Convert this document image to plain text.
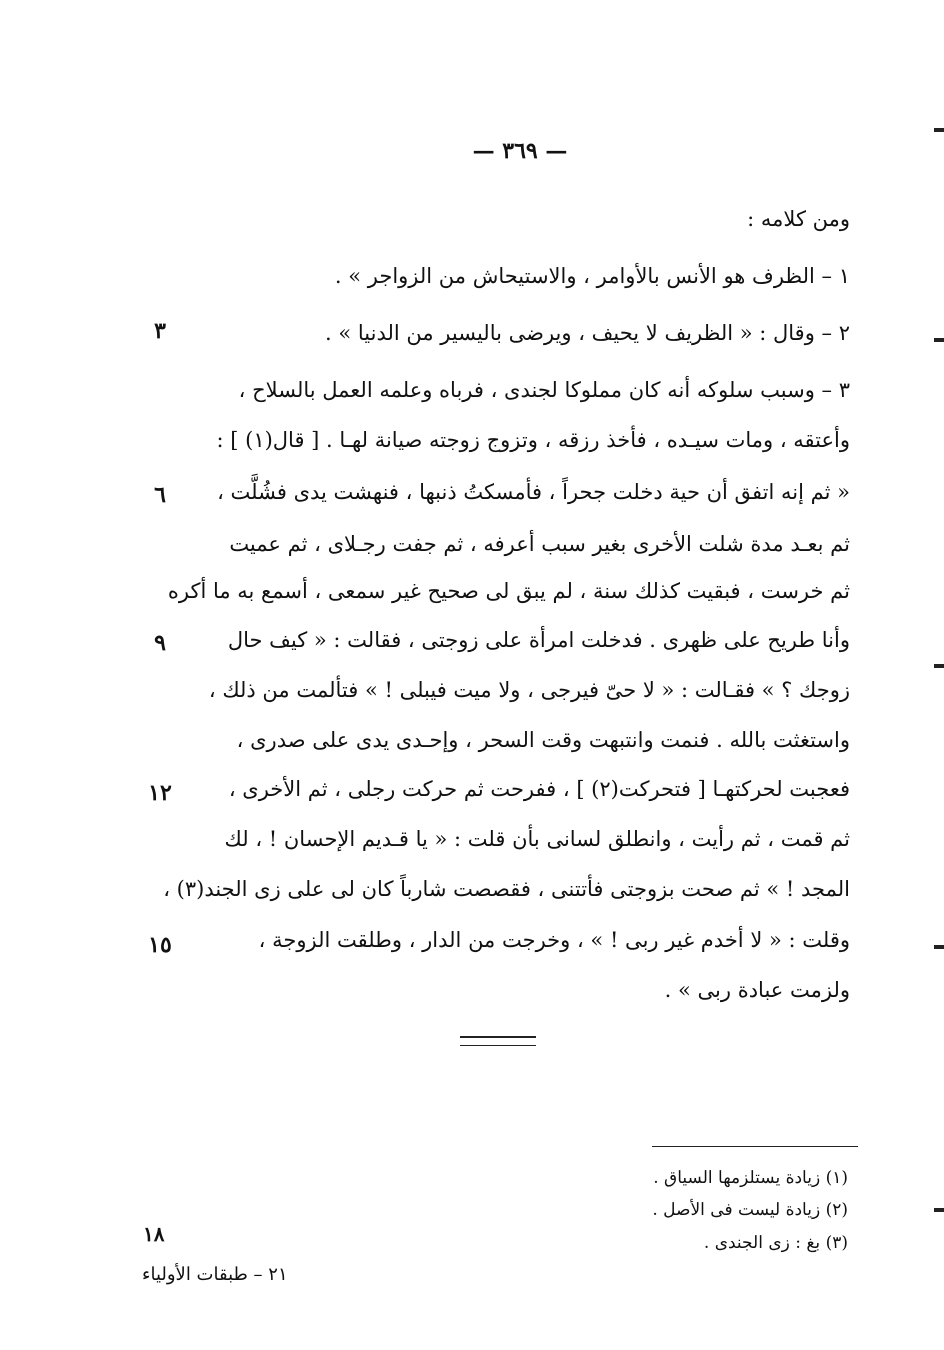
— ٣٦٩ —
ومن كلامه :
١ – الظرف هو الأنس بالأوامر ، والاستيحاش من الزواجر » .
٢ – وقال : « الظريف لا يحيف ، ويرضى باليسير من الدنيا » .
٣ – وسبب سلوكه أنه كان مملوكا لجندى ، فرباه وعلمه العمل بالسلاح ،
وأعتقه ، ومات سيـده ، فأخذ رزقه ، وتزوج زوجته صيانة لهـا . [ قال(١) ] :
« ثم إنه اتفق أن حية دخلت جحراً ، فأمسكتُ ذنبها ، فنهشت يدى فشُلَّت ،
ثم بعـد مدة شلت الأخرى بغير سبب أعرفه ، ثم جفت رجـلاى ، ثم عميت
ثم خرست ، فبقيت كذلك سنة ، لم يبق لى صحيح غير سمعى ، أسمع به ما أكره
وأنا طريح على ظهرى . فدخلت امرأة على زوجتى ، فقالت : « كيف حال
زوجك ؟ » فقـالت : « لا حىّ فيرجى ، ولا ميت فيبلى ! » فتألمت من ذلك ،
واستغثت بالله . فنمت وانتبهت وقت السحر ، وإحـدى يدى على صدرى ،
فعجبت لحركتهـا [ فتحركت(٢) ] ، ففرحت ثم حركت رجلى ، ثم الأخرى ،
ثم قمت ، ثم رأيت ، وانطلق لسانى بأن قلت : « يا قـديم الإحسان ! ، لك
المجد ! » ثم صحت بزوجتى فأتتنى ، فقصصت شارباً كان لى على زى الجند(٣) ،
وقلت : « لا أخدم غير ربى ! » ، وخرجت من الدار ، وطلقت الزوجة ،
ولزمت عبادة ربى » .
٣
٦
٩
١٢
١٥
(١) زيادة يستلزمها السياق .
(٢) زيادة ليست فى الأصل .
(٣) بغ : زى الجندى .
١٨
٢١ – طبقات الأولياء
